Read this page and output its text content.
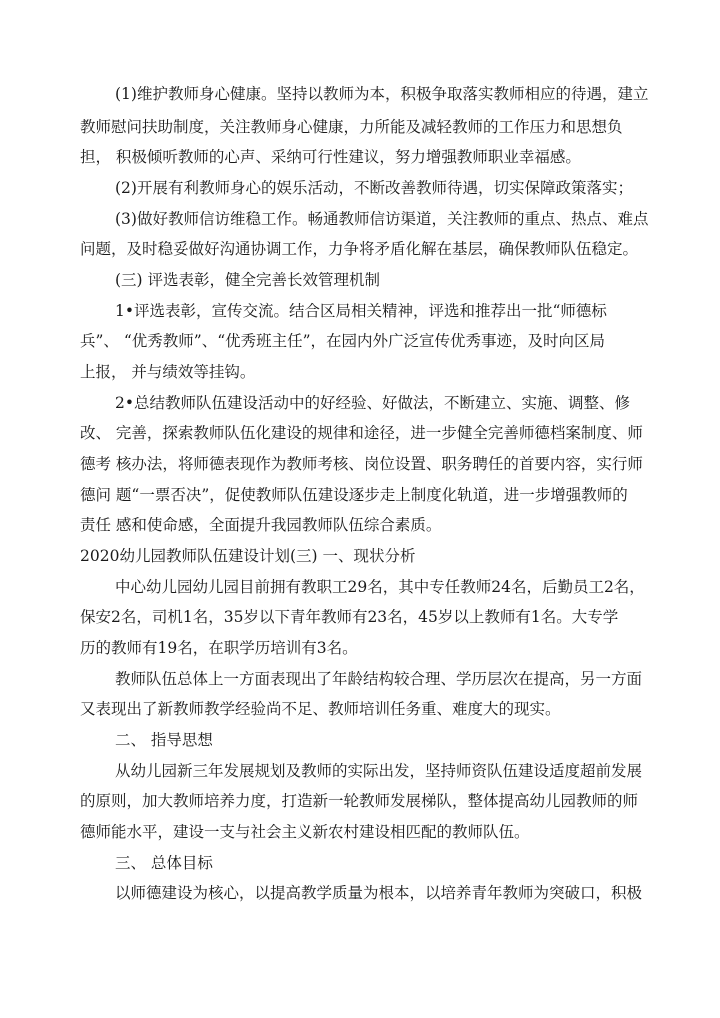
(1)维护教师身心健康。坚持以教师为本，积极争取落实教师相应的待遇，建立
教师慰问扶助制度，关注教师身心健康，力所能及减轻教师的工作压力和思想负
担， 积极倾听教师的心声、采纳可行性建议，努力增强教师职业幸福感。
(2)开展有利教师身心的娱乐活动，不断改善教师待遇，切实保障政策落实；
(3)做好教师信访维稳工作。畅通教师信访渠道，关注教师的重点、热点、难点
问题，及时稳妥做好沟通协调工作，力争将矛盾化解在基层，确保教师队伍稳定。
(三) 评选表彰，健全完善长效管理机制
1•评选表彰，宣传交流。结合区局相关精神，评选和推荐出一批“师德标
兵”、 “优秀教师”、“优秀班主任”，在园内外广泛宣传优秀事迹，及时向区局
上报， 并与绩效等挂钩。
2•总结教师队伍建设活动中的好经验、好做法，不断建立、实施、调整、修
改、 完善，探索教师队伍化建设的规律和途径，进一步健全完善师德档案制度、师
德考 核办法，将师德表现作为教师考核、岗位设置、职务聘任的首要内容，实行师
德问 题“一票否决”，促使教师队伍建设逐步走上制度化轨道，进一步增强教师的
责任 感和使命感，全面提升我园教师队伍综合素质。
2020幼儿园教师队伍建设计划(三) 一、现状分析
中心幼儿园幼儿园目前拥有教职工29名，其中专任教师24名，后勤员工2名，
保安2名，司机1名，35岁以下青年教师有23名，45岁以上教师有1名。大专学
历的教师有19名，在职学历培训有3名。
教师队伍总体上一方面表现出了年龄结构较合理、学历层次在提高，另一方面
又表现出了新教师教学经验尚不足、教师培训任务重、难度大的现实。
二、 指导思想
从幼儿园新三年发展规划及教师的实际出发，坚持师资队伍建设适度超前发展
的原则，加大教师培养力度，打造新一轮教师发展梯队，整体提高幼儿园教师的师
德师能水平，建设一支与社会主义新农村建设相匹配的教师队伍。
三、 总体目标
以师德建设为核心，以提高教学质量为根本，以培养青年教师为突破口，积极
